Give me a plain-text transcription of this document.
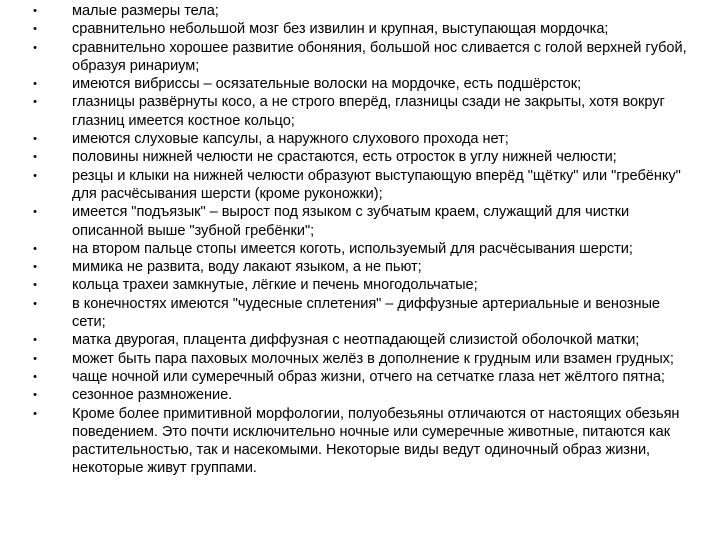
• малые размеры тела;
• сравнительно небольшой мозг без извилин и крупная, выступающая мордочка;
• сравнительно хорошее развитие обоняния, большой нос сливается с голой верхней губой, образуя ринариум;
• имеются вибриссы – осязательные волоски на мордочке, есть подшёрсток;
• глазницы развёрнуты косо, а не строго вперёд, глазницы сзади не закрыты, хотя вокруг глазниц имеется костное кольцо;
• имеются слуховые капсулы, а наружного слухового прохода нет;
• половины нижней челюсти не срастаются, есть отросток в углу нижней челюсти;
• резцы и клыки на нижней челюсти образуют выступающую вперёд "щётку" или "гребёнку" для расчёсывания шерсти (кроме руконожки);
• имеется "подъязык" – вырост под языком с зубчатым краем, служащий для чистки описанной выше "зубной гребёнки";
• на втором пальце стопы имеется коготь, используемый для расчёсывания шерсти;
• мимика не развита, воду лакают языком, а не пьют;
• кольца трахеи замкнутые, лёгкие и печень многодольчатые;
• в конечностях имеются "чудесные сплетения" – диффузные артериальные и венозные сети;
• матка двурогая, плацента диффузная с неотпадающей слизистой оболочкой матки;
• может быть пара паховых молочных желёз в дополнение к грудным или взамен грудных;
• чаще ночной или сумеречный образ жизни, отчего на сетчатке глаза нет жёлтого пятна;
• сезонное размножение.
• Кроме более примитивной морфологии, полуобезьяны отличаются от настоящих обезьян поведением. Это почти исключительно ночные или сумеречные животные, питаются как растительностью, так и насекомыми. Некоторые виды ведут одиночный образ жизни, некоторые живут группами.
